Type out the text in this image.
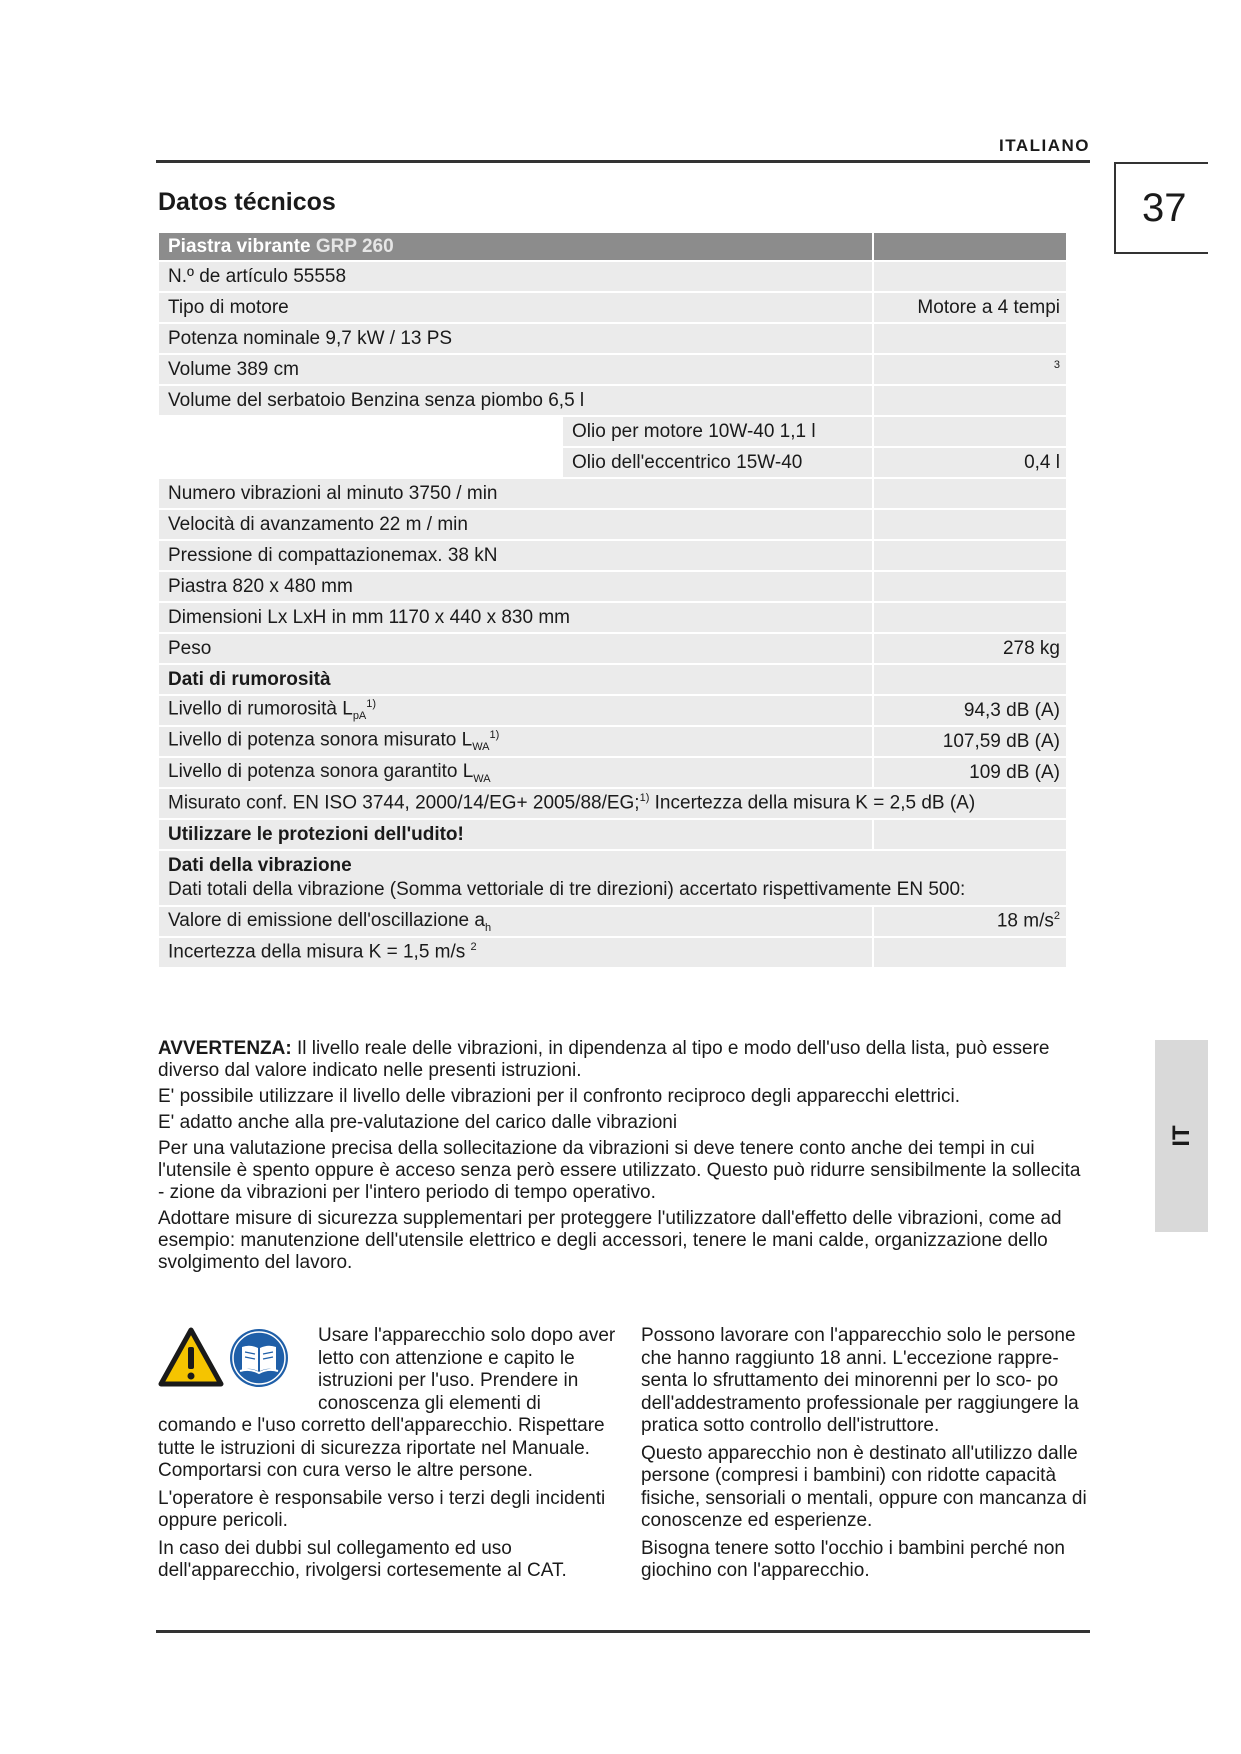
ITALIANO
37
IT
Datos técnicos
Piastra vibrante GRP 260		
N.º de artículo 55558		
Tipo di motore		Motore a 4 tempi
Potenza nominale 9,7 kW / 13 PS		
Volume 389 cm		$^3$
Volume del serbatoio Benzina senza piombo 6,5 l		
	Olio per motore 10W-40 1,1 l	
	Olio dell'eccentrico 15W-40	0,4 l
Numero vibrazioni al minuto 3750 / min		
Velocità di avanzamento 22 m / min		
Pressione di compattazionemax. 38 kN		
Piastra 820 x 480 mm		
Dimensioni Lx LxH in mm 1170 x 440 x 830 mm		
Peso		278 kg
Dati di rumorosità		
Livello di rumorosità $L_{pA}^{1)}$		94,3 dB (A)
Livello di potenza sonora misurato $L_{WA}^{1)}$		107,59 dB (A)
Livello di potenza sonora garantito $L_{WA}$		109 dB (A)
Misurato conf. EN ISO 3744, 2000/14/EG+ 2005/88/EG;$^{1)}$ Incertezza della misura K = 2,5 dB (A)		
Utilizzare le protezioni dell'udito!		
Dati della vibrazione
Dati totali della vibrazione (Somma vettoriale di tre direzioni) accertato rispettivamente EN 500:		
Valore di emissione dell'oscillazione $a_h$		18 $m/s^2$
Incertezza della misura K = 1,5 m/s $^2$	

AVVERTENZA: Il livello reale delle vibrazioni, in dipendenza al tipo e modo dell'uso della lista, può essere diverso dal valore indicato nelle presenti istruzioni.

E' possibile utilizzare il livello delle vibrazioni per il confronto reciproco degli apparecchi elettrici.

E' adatto anche alla pre-valutazione del carico dalle vibrazioni

Per una valutazione precisa della sollecitazione da vibrazioni si deve tenere conto anche dei tempi in cui l'utensile è spento oppure è acceso senza però essere utilizzato. Questo può ridurre sensibilmente la sollecita - zione da vibrazioni per l'intero periodo di tempo operativo.

Adottare misure di sicurezza supplementari per proteggere l'utilizzatore dall'effetto delle vibrazioni, come ad esempio: manutenzione dell'utensile elettrico e degli accessori, tenere le mani calde, organizzazione dello svolgimento del lavoro.

Usare l'apparecchio solo dopo aver letto con attenzione e capito le istruzioni per l'uso. Prendere in conoscenza gli elementi di comando e l'uso corretto dell'apparecchio. Rispettare tutte le istruzioni di sicurezza riportate nel Manuale. Comportarsi con cura verso le altre persone.

L'operatore è responsabile verso i terzi degli incidenti oppure pericoli.

In caso dei dubbi sul collegamento ed uso dell'apparecchio, rivolgersi cortesemente al CAT.

Possono lavorare con l'apparecchio solo le persone che hanno raggiunto 18 anni. L'eccezione rappre- senta lo sfruttamento dei minorenni per lo sco- po dell'addestramento professionale per raggiungere la pratica sotto controllo dell'istruttore.

Questo apparecchio non è destinato all'utilizzo dalle persone (compresi i bambini) con ridotte capacità fisiche, sensoriali o mentali, oppure con mancanza di conoscenze ed esperienze.

Bisogna tenere sotto l'occhio i bambini perché non giochino con l'apparecchio.
